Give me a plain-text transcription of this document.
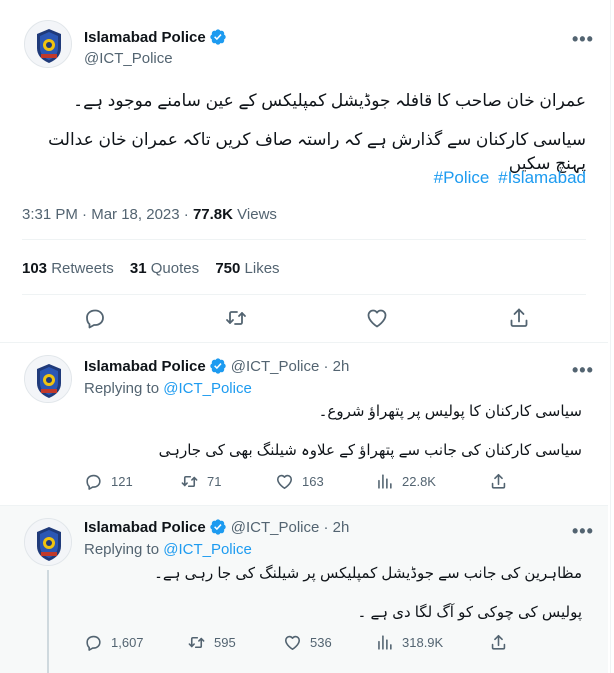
Islamabad Police
@ICT_Police
•••
عمران خان صاحب کا قافلہ جوڈیشل کمپلیکس کے عین سامنے موجود ہے۔
سیاسی کارکنان سے گذارش ہے کہ راستہ صاف کریں تاکہ عمران خان عدالت پہنچ سکیں
#Police #Islamabad
3:31 PM · Mar 18, 2023 · 77.8K Views
103 Retweets 31 Quotes 750 Likes
Islamabad Police @ICT_Police · 2h	•••
Replying to @ICT_Police
سیاسی کارکنان کا پولیس پر پتھراؤ شروع۔
سیاسی کارکنان کی جانب سے پتھراؤ کے علاوہ شیلنگ بھی کی جارہی
121	71	163	22.8K
Islamabad Police @ICT_Police · 2h	•••
Replying to @ICT_Police
مظاہرین کی جانب سے جوڈیشل کمپلیکس پر شیلنگ کی جا رہی ہے۔
پولیس کی چوکی کو آگ لگا دی ہے ۔
1,607	595	536	318.9K
